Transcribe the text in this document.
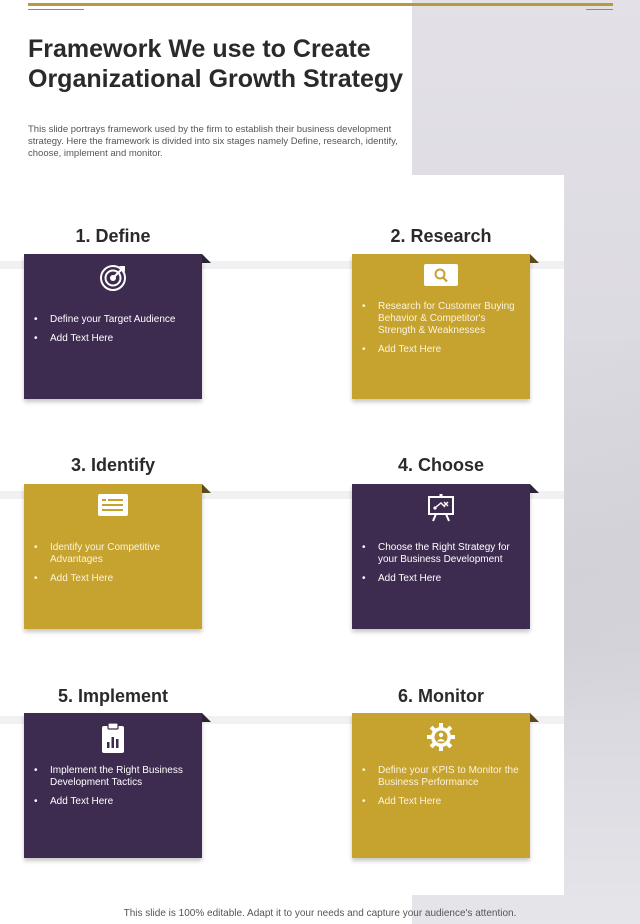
Framework We use to Create Organizational Growth Strategy

This slide portrays framework used by the firm to establish their business development strategy. Here the framework is divided into six stages namely Define, research, identify, choose, implement and monitor.

1. Define
• Define your Target Audience
• Add Text Here
2. Research
• Research for Customer Buying Behavior & Competitor's Strength & Weaknesses
• Add Text Here
3. Identify
• Identify your Competitive Advantages
• Add Text Here
4. Choose
• Choose the Right Strategy for your Business Development
• Add Text Here
5. Implement
• Implement the Right Business Development Tactics
• Add Text Here
6. Monitor
• Define your KPIS to Monitor the Business Performance
• Add Text Here
This slide is 100% editable. Adapt it to your needs and capture your audience's attention.
